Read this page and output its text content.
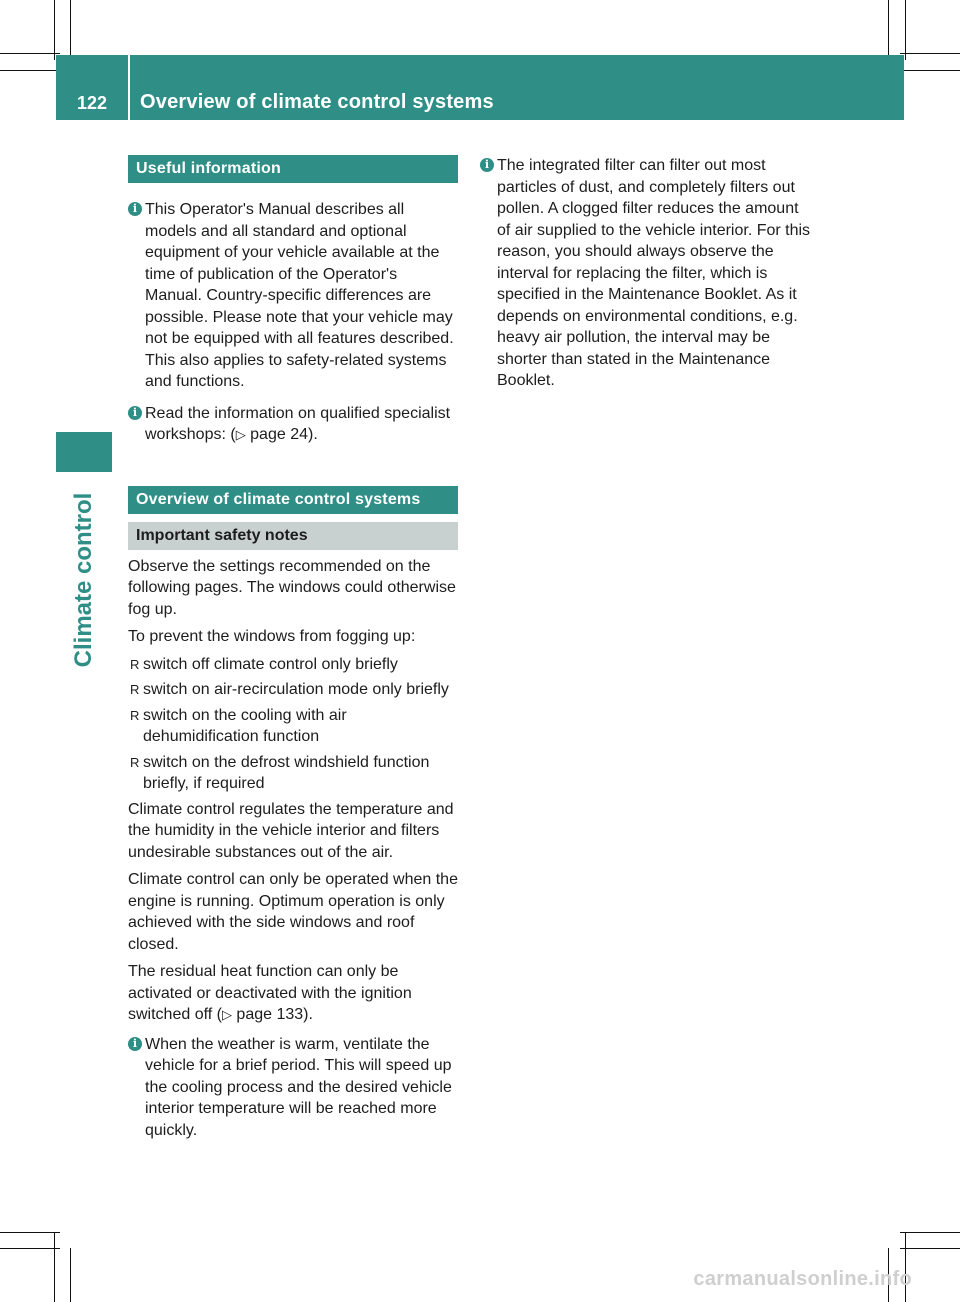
122	Overview of climate control systems
Climate control
Useful information
i This Operator's Manual describes all models and all standard and optional equipment of your vehicle available at the time of publication of the Operator's Manual. Country-specific differences are possible. Please note that your vehicle may not be equipped with all features described. This also applies to safety-related systems and functions.
i Read the information on qualified specialist workshops: (▷ page 24).
Overview of climate control systems
Important safety notes

Observe the settings recommended on the following pages. The windows could otherwise fog up.

To prevent the windows from fogging up:

R switch off climate control only briefly
R switch on air-recirculation mode only briefly
R switch on the cooling with air dehumidification function
R switch on the defrost windshield function briefly, if required

Climate control regulates the temperature and the humidity in the vehicle interior and filters undesirable substances out of the air.

Climate control can only be operated when the engine is running. Optimum operation is only achieved with the side windows and roof closed.

The residual heat function can only be activated or deactivated with the ignition switched off (▷ page 133).

i When the weather is warm, ventilate the vehicle for a brief period. This will speed up the cooling process and the desired vehicle interior temperature will be reached more quickly.
i The integrated filter can filter out most particles of dust, and completely filters out pollen. A clogged filter reduces the amount of air supplied to the vehicle interior. For this reason, you should always observe the interval for replacing the filter, which is specified in the Maintenance Booklet. As it depends on environmental conditions, e.g. heavy air pollution, the interval may be shorter than stated in the Maintenance Booklet.
carmanualsonline.info
